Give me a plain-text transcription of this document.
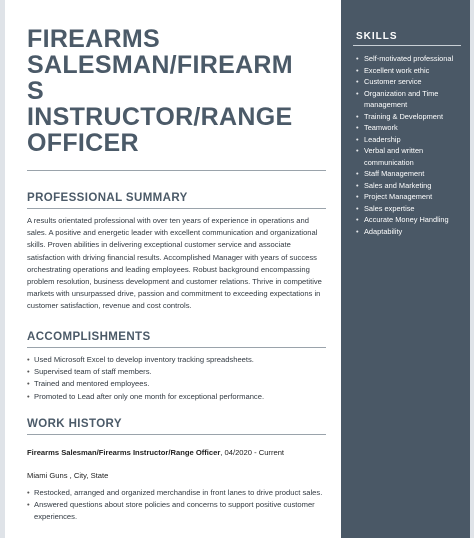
FIREARMS
SALESMAN/FIREARM
S
INSTRUCTOR/RANGE
OFFICER
PROFESSIONAL SUMMARY
A results orientated professional with over ten years of experience in operations and sales. A positive and energetic leader with excellent communication and organizational skills. Proven abilities in delivering exceptional customer service and associate satisfaction with driving financial results. Accomplished Manager with years of success orchestrating operations and leading employees. Robust background encompassing problem resolution, business development and customer relations. Thrive in competitive markets with unsurpassed drive, passion and commitment to exceeding expectations in customer satisfaction, revenue and cost controls.
ACCOMPLISHMENTS
• Used Microsoft Excel to develop inventory tracking spreadsheets.
• Supervised team of staff members.
• Trained and mentored employees.
• Promoted to Lead after only one month for exceptional performance.
WORK HISTORY
Firearms Salesman/Firearms Instructor/Range Officer, 04/2020 - Current
Miami Guns , City, State
• Restocked, arranged and organized merchandise in front lanes to drive product sales.
• Answered questions about store policies and concerns to support positive customer experiences.
SKILLS
• Self-motivated professional
• Excellent work ethic
• Customer service
• Organization and Time management
• Training & Development
• Teamwork
• Leadership
• Verbal and written communication
• Staff Management
• Sales and Marketing
• Project Management
• Sales expertise
• Accurate Money Handling
• Adaptability
